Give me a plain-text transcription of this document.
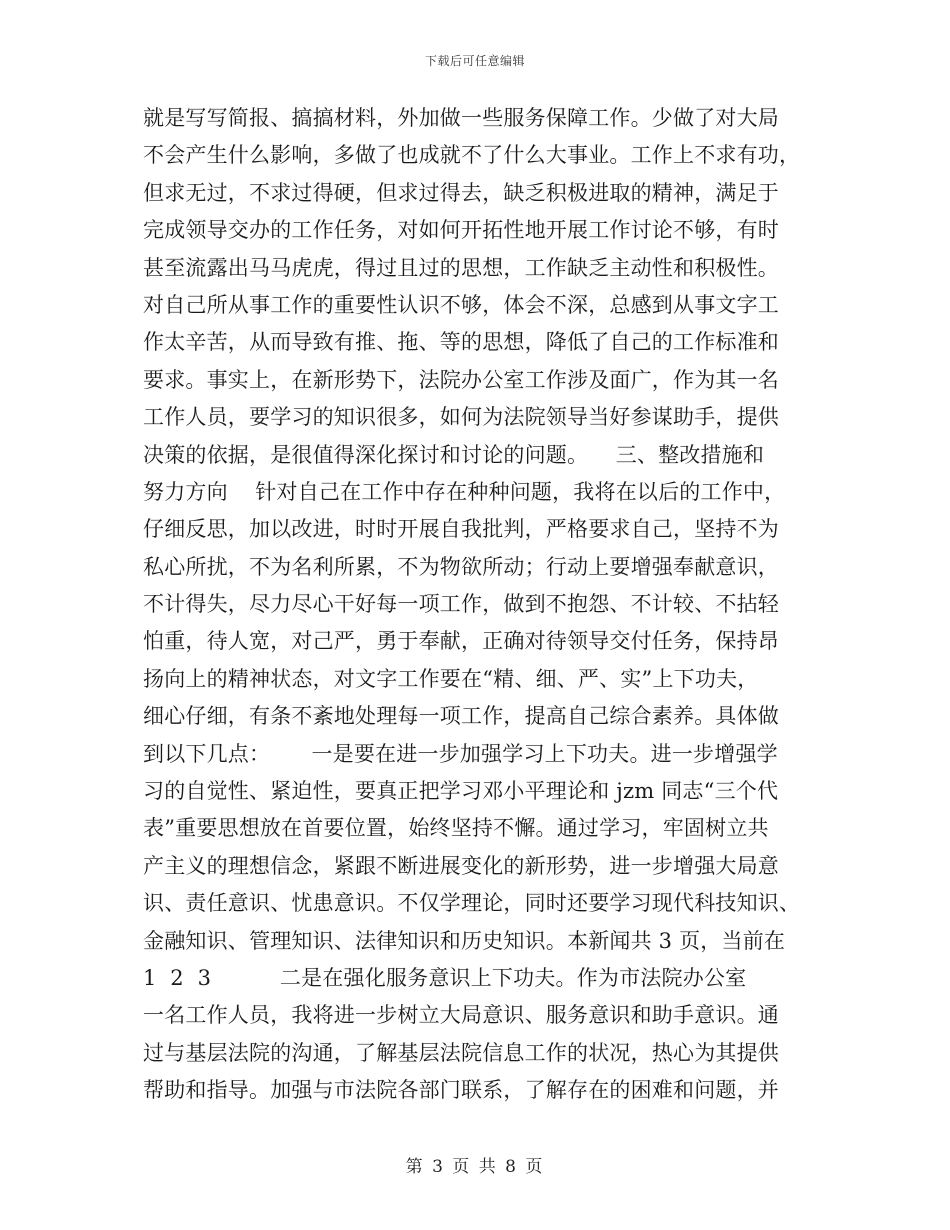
下载后可任意编辑
就是写写简报、搞搞材料，外加做一些服务保障工作。少做了对大局
不会产生什么影响，多做了也成就不了什么大事业。工作上不求有功，
但求无过，不求过得硬，但求过得去，缺乏积极进取的精神，满足于
完成领导交办的工作任务，对如何开拓性地开展工作讨论不够，有时
甚至流露出马马虎虎，得过且过的思想，工作缺乏主动性和积极性。
对自己所从事工作的重要性认识不够，体会不深，总感到从事文字工
作太辛苦，从而导致有推、拖、等的思想，降低了自己的工作标准和
要求。事实上，在新形势下，法院办公室工作涉及面广，作为其一名
工作人员，要学习的知识很多，如何为法院领导当好参谋助手，提供
决策的依据，是很值得深化探讨和讨论的问题。    三、整改措施和
努力方向    针对自己在工作中存在种种问题，我将在以后的工作中，
仔细反思，加以改进，时时开展自我批判，严格要求自己，坚持不为
私心所扰，不为名利所累，不为物欲所动；行动上要增强奉献意识，
不计得失，尽力尽心干好每一项工作，做到不抱怨、不计较、不拈轻
怕重，待人宽，对己严，勇于奉献，正确对待领导交付任务，保持昂
扬向上的精神状态，对文字工作要在“精、细、严、实”上下功夫，
细心仔细，有条不紊地处理每一项工作，提高自己综合素养。具体做
到以下几点：      一是要在进一步加强学习上下功夫。进一步增强学
习的自觉性、紧迫性，要真正把学习邓小平理论和 jzm 同志“三个代
表”重要思想放在首要位置，始终坚持不懈。通过学习，牢固树立共
产主义的理想信念，紧跟不断进展变化的新形势，进一步增强大局意
识、责任意识、忧患意识。不仅学理论，同时还要学习现代科技知识、
金融知识、管理知识、法律知识和历史知识。本新闻共 3 页，当前在
1  2  3          二是在强化服务意识上下功夫。作为市法院办公室
一名工作人员，我将进一步树立大局意识、服务意识和助手意识。通
过与基层法院的沟通，了解基层法院信息工作的状况，热心为其提供
帮助和指导。加强与市法院各部门联系，了解存在的困难和问题，并
第 3 页 共 8 页
